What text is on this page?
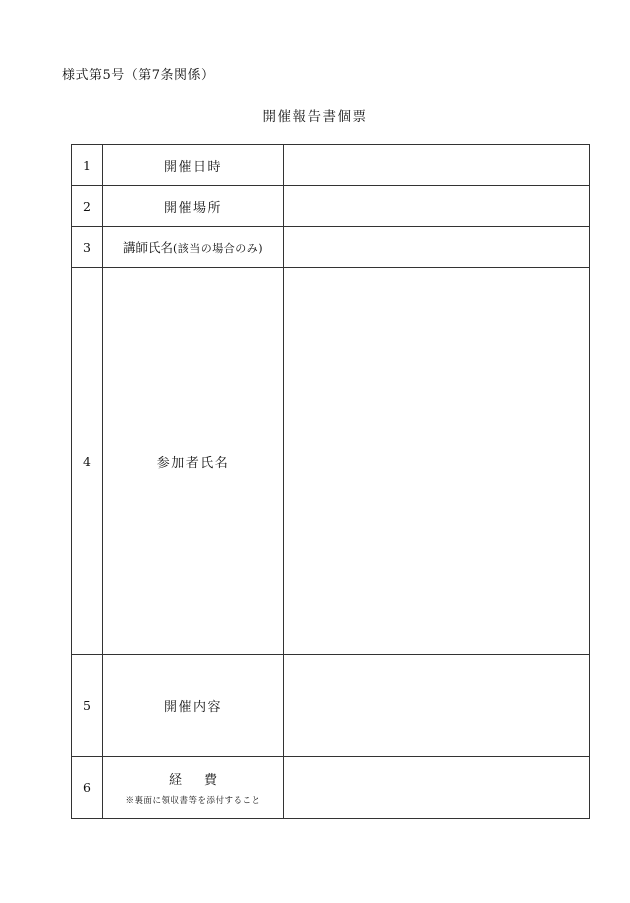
様式第5号（第7条関係）
開催報告書個票
1	開催日時	
2	開催場所	
3	講師氏名(該当の場合のみ)	
4	参加者氏名	
5	開催内容	
6	経費
※裏面に領収書等を添付すること	
